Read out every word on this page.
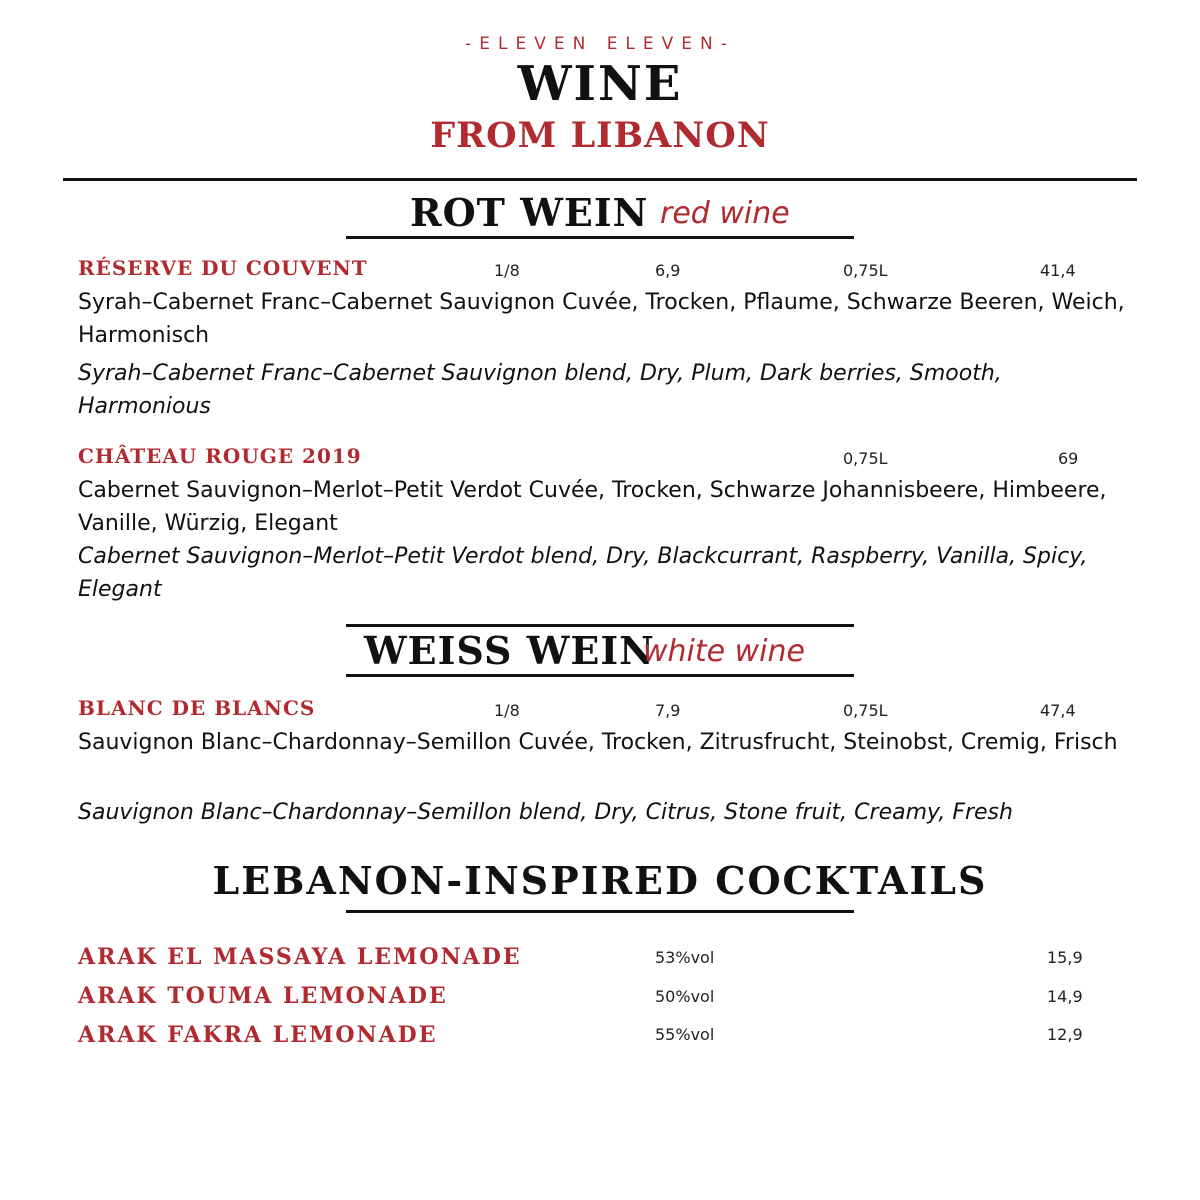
-ELEVEN ELEVEN-
WINE
FROM LIBANON
ROT WEIN red wine
RÉSERVE DU COUVENT	1/8	6,9	0,75L	41,4
Syrah–Cabernet Franc–Cabernet Sauvignon Cuvée, Trocken, Pflaume, Schwarze Beeren, Weich, Harmonisch
Syrah–Cabernet Franc–Cabernet Sauvignon blend, Dry, Plum, Dark berries, Smooth, Harmonious
CHÂTEAU ROUGE 2019	0,75L	69
Cabernet Sauvignon–Merlot–Petit Verdot Cuvée, Trocken, Schwarze Johannisbeere, Himbeere, Vanille, Würzig, Elegant
Cabernet Sauvignon–Merlot–Petit Verdot blend, Dry, Blackcurrant, Raspberry, Vanilla, Spicy, Elegant
WEISS WEIN
white wine
BLANC DE BLANCS	1/8	7,9	0,75L	47,4
Sauvignon Blanc–Chardonnay–Semillon Cuvée, Trocken, Zitrusfrucht, Steinobst, Cremig, Frisch
Sauvignon Blanc–Chardonnay–Semillon blend, Dry, Citrus, Stone fruit, Creamy, Fresh
LEBANON-INSPIRED COCKTAILS
ARAK EL MASSAYA LEMONADE	53%vol	15,9
ARAK TOUMA LEMONADE	50%vol	14,9
ARAK FAKRA LEMONADE	55%vol	12,9
